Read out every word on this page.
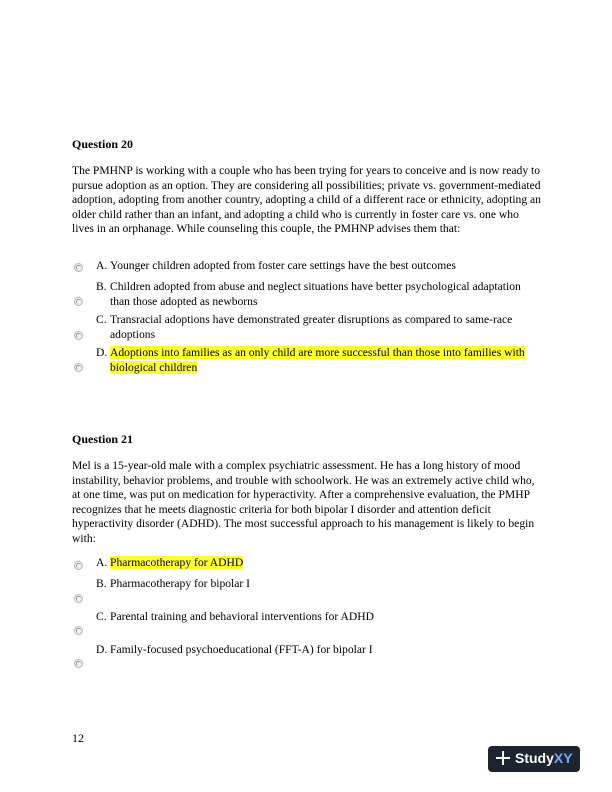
Question 20
The PMHNP is working with a couple who has been trying for years to conceive and is now ready to pursue adoption as an option. They are considering all possibilities; private vs. government-mediated adoption, adopting from another country, adopting a child of a different race or ethnicity, adopting an older child rather than an infant, and adopting a child who is currently in foster care vs. one who lives in an orphanage. While counseling this couple, the PMHNP advises them that:
A. Younger children adopted from foster care settings have the best outcomes
B. Children adopted from abuse and neglect situations have better psychological adaptation
than those adopted as newborns
C. Transracial adoptions have demonstrated greater disruptions as compared to same-race
adoptions
D. Adoptions into families as an only child are more successful than those into families with
biological children
Question 21
Mel is a 15-year-old male with a complex psychiatric assessment. He has a long history of mood instability, behavior problems, and trouble with schoolwork. He was an extremely active child who, at one time, was put on medication for hyperactivity. After a comprehensive evaluation, the PMHP recognizes that he meets diagnostic criteria for both bipolar I disorder and attention deficit hyperactivity disorder (ADHD). The most successful approach to his management is likely to begin with:
A. Pharmacotherapy for ADHD
B. Pharmacotherapy for bipolar I
C. Parental training and behavioral interventions for ADHD
D. Family-focused psychoeducational (FFT-A) for bipolar I
12
StudyXY
